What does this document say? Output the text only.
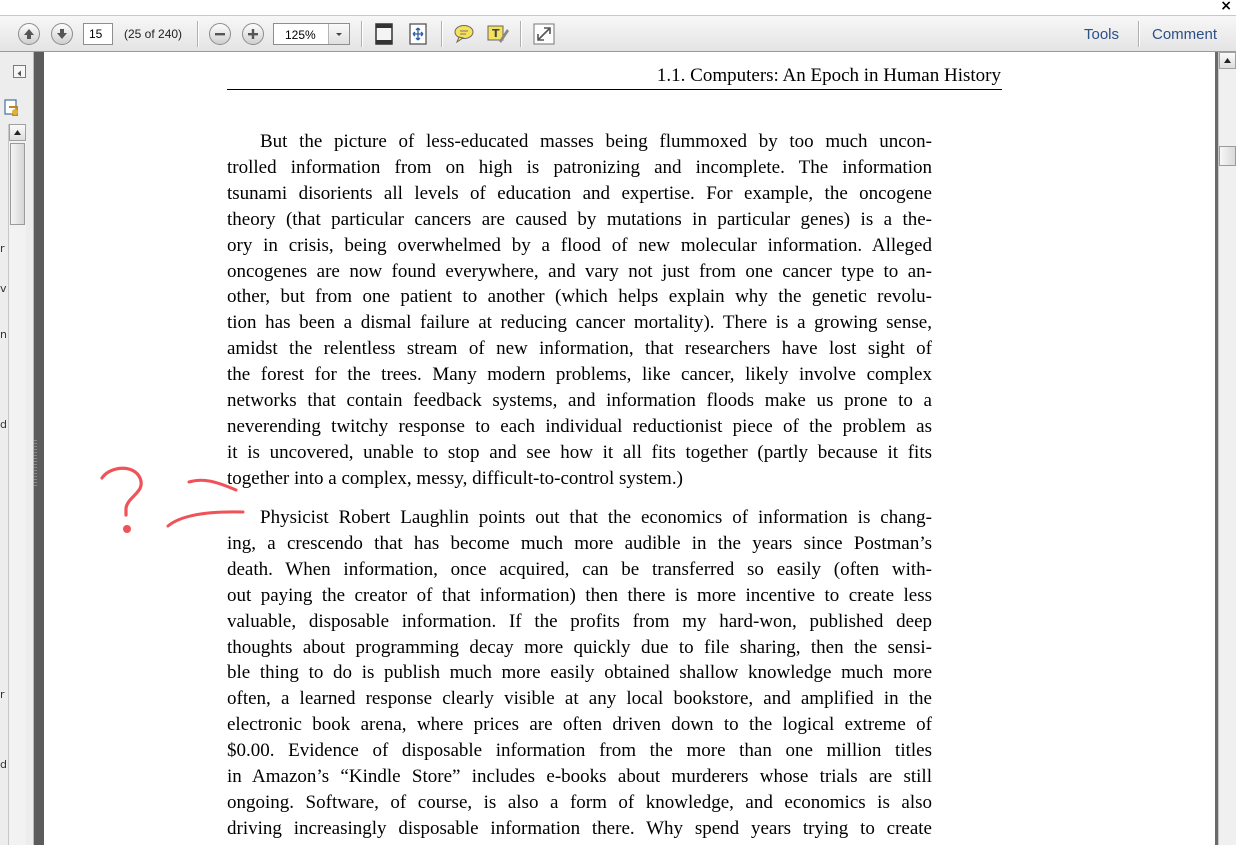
×
15	(25 of 240)	125%	T	Tools Comment
r
v
n
d
r
d
1.1. Computers: An Epoch in Human History
But the picture of less-educated masses being flummoxed by too much uncon-
trolled information from on high is patronizing and incomplete. The information
tsunami disorients all levels of education and expertise. For example, the oncogene
theory (that particular cancers are caused by mutations in particular genes) is a the-
ory in crisis, being overwhelmed by a flood of new molecular information. Alleged
oncogenes are now found everywhere, and vary not just from one cancer type to an-
other, but from one patient to another (which helps explain why the genetic revolu-
tion has been a dismal failure at reducing cancer mortality). There is a growing sense,
amidst the relentless stream of new information, that researchers have lost sight of
the forest for the trees. Many modern problems, like cancer, likely involve complex
networks that contain feedback systems, and information floods make us prone to a
neverending twitchy response to each individual reductionist piece of the problem as
it is uncovered, unable to stop and see how it all fits together (partly because it fits
together into a complex, messy, difficult-to-control system.)
Physicist Robert Laughlin points out that the economics of information is chang-
ing, a crescendo that has become much more audible in the years since Postman’s
death. When information, once acquired, can be transferred so easily (often with-
out paying the creator of that information) then there is more incentive to create less
valuable, disposable information. If the profits from my hard-won, published deep
thoughts about programming decay more quickly due to file sharing, then the sensi-
ble thing to do is publish much more easily obtained shallow knowledge much more
often, a learned response clearly visible at any local bookstore, and amplified in the
electronic book arena, where prices are often driven down to the logical extreme of
$0.00. Evidence of disposable information from the more than one million titles
in Amazon’s “Kindle Store” includes e-books about murderers whose trials are still
ongoing. Software, of course, is also a form of knowledge, and economics is also
driving increasingly disposable information there. Why spend years trying to create
